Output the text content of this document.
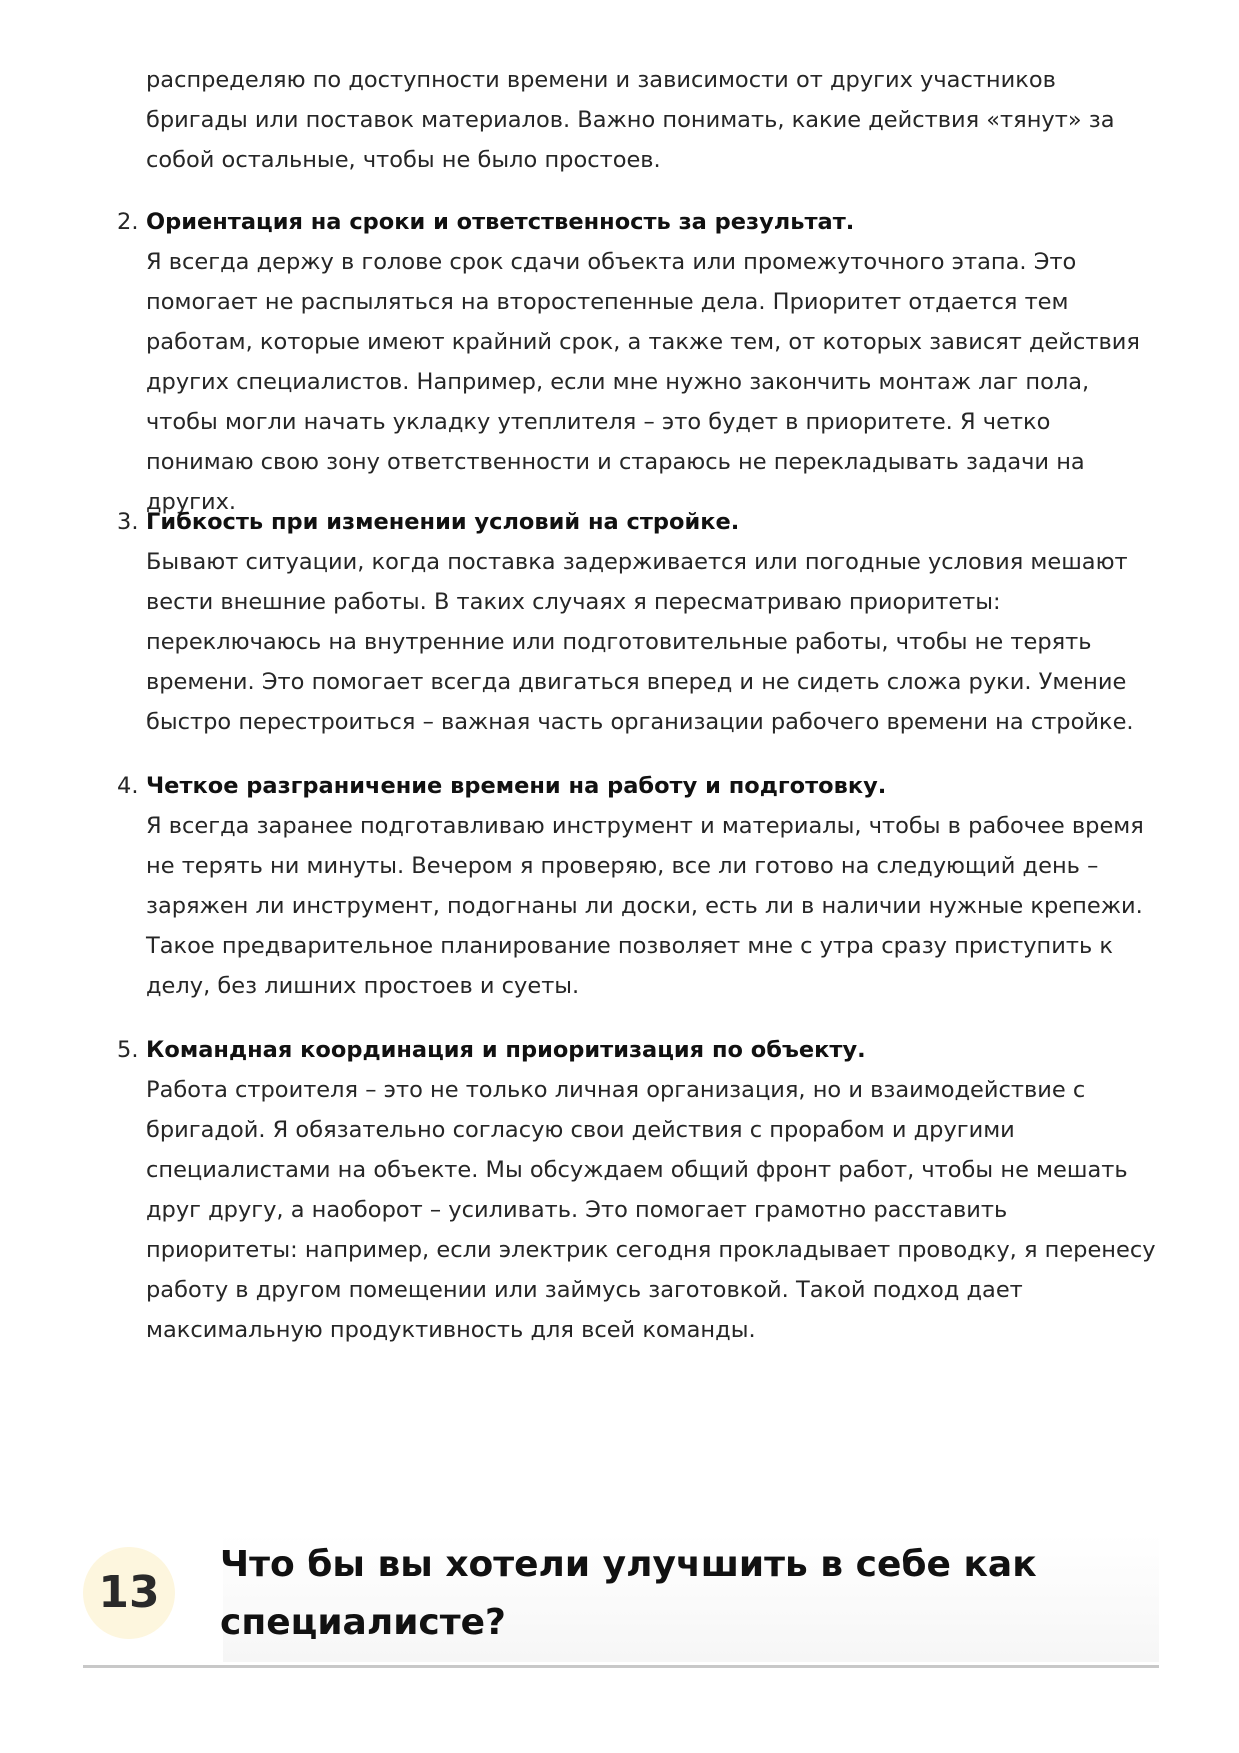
распределяю по доступности времени и зависимости от других участников бригады или поставок материалов. Важно понимать, какие действия «тянут» за собой остальные, чтобы не было простоев.

2. Ориентация на сроки и ответственность за результат.
Я всегда держу в голове срок сдачи объекта или промежуточного этапа. Это помогает не распыляться на второстепенные дела. Приоритет отдается тем работам, которые имеют крайний срок, а также тем, от которых зависят действия других специалистов. Например, если мне нужно закончить монтаж лаг пола, чтобы могли начать укладку утеплителя – это будет в приоритете. Я четко понимаю свою зону ответственности и стараюсь не перекладывать задачи на других.
3. Гибкость при изменении условий на стройке.
Бывают ситуации, когда поставка задерживается или погодные условия мешают вести внешние работы. В таких случаях я пересматриваю приоритеты: переключаюсь на внутренние или подготовительные работы, чтобы не терять времени. Это помогает всегда двигаться вперед и не сидеть сложа руки. Умение быстро перестроиться – важная часть организации рабочего времени на стройке.
4. Четкое разграничение времени на работу и подготовку.
Я всегда заранее подготавливаю инструмент и материалы, чтобы в рабочее время не терять ни минуты. Вечером я проверяю, все ли готово на следующий день – заряжен ли инструмент, подогнаны ли доски, есть ли в наличии нужные крепежи. Такое предварительное планирование позволяет мне с утра сразу приступить к делу, без лишних простоев и суеты.
5. Командная координация и приоритизация по объекту.
Работа строителя – это не только личная организация, но и взаимодействие с бригадой. Я обязательно согласую свои действия с прорабом и другими специалистами на объекте. Мы обсуждаем общий фронт работ, чтобы не мешать друг другу, а наоборот – усиливать. Это помогает грамотно расставить приоритеты: например, если электрик сегодня прокладывает проводку, я перенесу работу в другом помещении или займусь заготовкой. Такой подход дает максимальную продуктивность для всей команды.
13
Что бы вы хотели улучшить в себе как специалисте?
